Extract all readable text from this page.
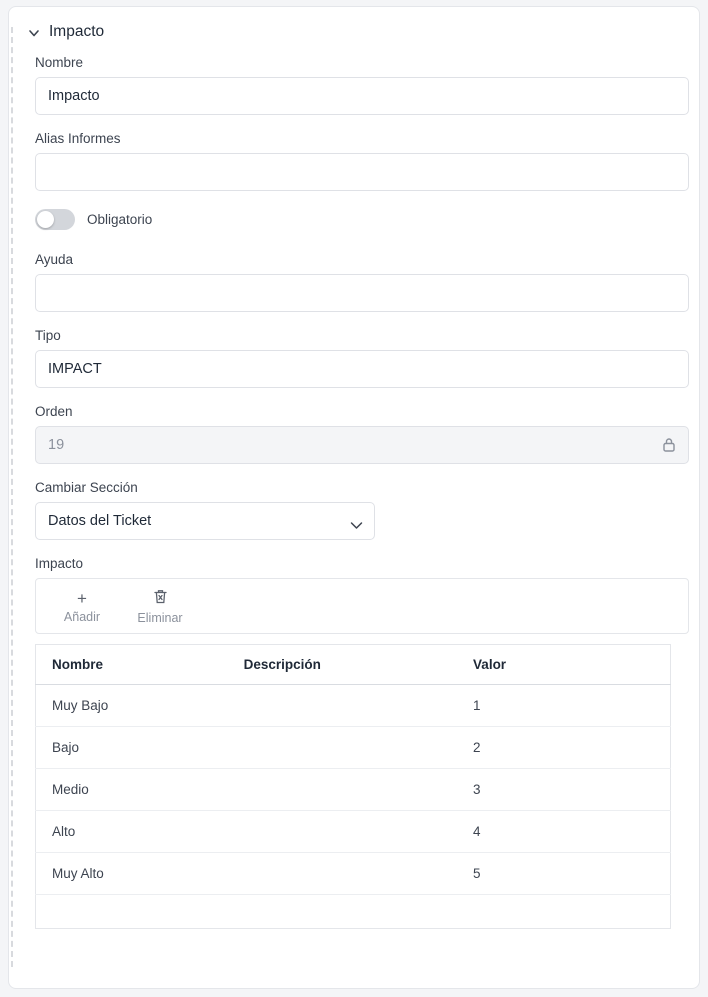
Impacto
Nombre
Impacto
Alias Informes
Obligatorio
Ayuda
Tipo
IMPACT
Orden
19
Cambiar Sección
Datos del Ticket
Impacto
+
Añadir	Eliminar
Nombre	Descripción	Valor
Muy Bajo		1
Bajo		2
Medio		3
Alto		4
Muy Alto		5
